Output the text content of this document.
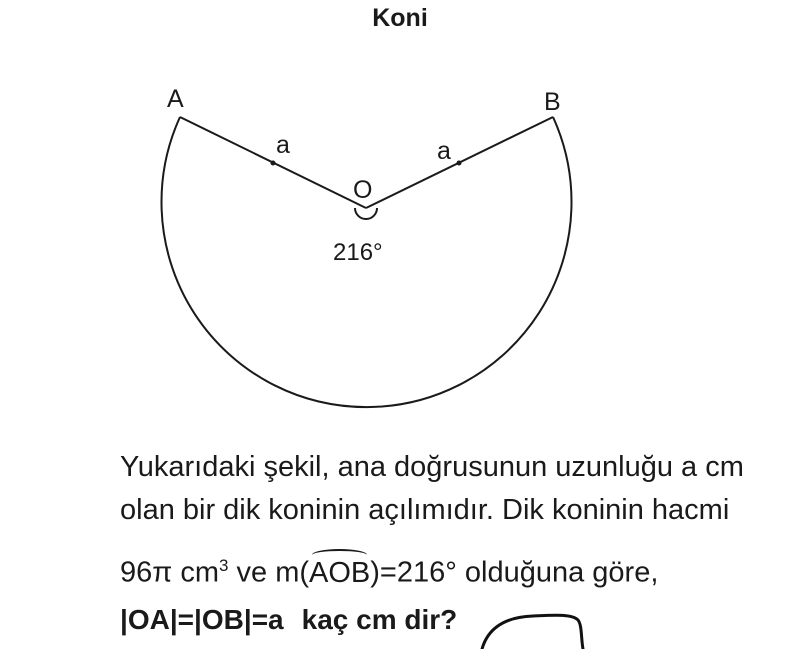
Koni
A	B
O
a	a
216°
Yukarıdaki şekil, ana doğrusunun uzunluğu a cm
olan bir dik koninin açılımıdır. Dik koninin hacmi
96π $cm^3$ ve m(AOB)=216° olduğuna göre,
|OA|=|OB|=a kaç cm dir?
